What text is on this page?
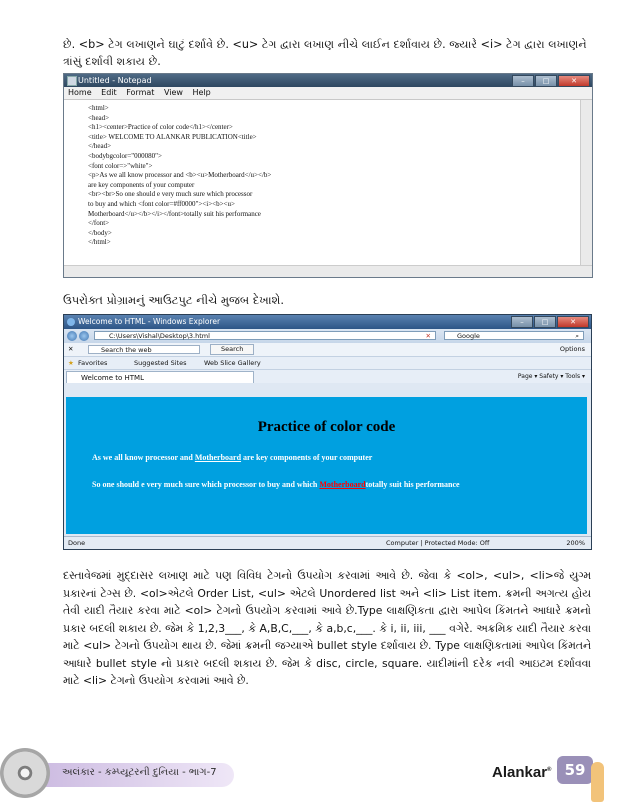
છે. <b> ટેગ લખાણને ઘાટું દર્શાવે છે. <u> ટેગ દ્વારા લખાણ નીચે લાઈન દર્શાવાય છે. જ્યારે <i> ટેગ દ્વારા લખાણને ત્રાંસું દર્શાવી શકાય છે.

Untitled - Notepad	–	□	✕
Home Edit Format View Help
<html>
<head>
<h1><center>Practice of color code</h1></center>
<title> WELCOME TO ALANKAR PUBLICATION<title>
</head>
<bodybgcolor="000080">
<font color=>"white">
<p>As we all know processor and <b><u>Motherboard</u></b>
are key components of your computer
<br><br>So one should e very much sure which processor
to buy and which <font color=#ff0000"><i><b><u>
Motherboard</u></b></i></font>totally suit his performance
</font>
</body>
</html>

ઉપરોક્ત પ્રોગ્રામનું આઉટપુટ નીચે મુજબ દેખાશે.

Welcome to HTML - Windows Explorer	–	□	✕
C:\Users\Vishal\Desktop\3.html	✕	Google	⌕
✕	Search the web	Search	Options
★ Favorites	Suggested Sites	Web Slice Gallery
Welcome to HTML	Page ▾ Safety ▾ Tools ▾
Practice of color code
As we all know processor and Motherboard are key components of your computer
So one should e very much sure which processor to buy and which Motherboardtotally suit his performance
Done	Computer | Protected Mode: Off	200%

દસ્તાવેજમાં મુદ્દાસર લખાણ માટે પણ વિવિધ ટેગનો ઉપયોગ કરવામાં આવે છે. જેવા કે <ol>, <ul>, <li>જે યુગ્મ પ્રકારનાં ટેગ્સ છે. <ol>એટલે Order List, <ul> એટલે Unordered list અને <li> List item. ક્રમની અગત્ય હોય તેવી યાદી તૈયાર કરવા માટે <ol> ટેગનો ઉપયોગ કરવામાં આવે છે.Type લાક્ષણિકતા દ્વારા આપેલ કિંમતને આધારે ક્રમનો પ્રકાર બદલી શકાય છે. જેમ કે 1,2,3___, કે A,B,C,___, કે a,b,c,___. કે i, ii, iii, ___ વગેરે. અક્રમિક યાદી તૈયાર કરવા માટે <ul> ટેગનો ઉપયોગ થાય છે. જેમાં ક્રમની જગ્યાએ bullet style દર્શાવાય છે. Type લાક્ષણિકતામાં આપેલ કિંમતને આધારે bullet style નો પ્રકાર બદલી શકાય છે. જેમ કે disc, circle, square. યાદીમાંની દરેક નવી આઇટમ દર્શાવવા માટે <li> ટેગનો ઉપયોગ કરવામાં આવે છે.

અલંકાર - કમ્પ્યૂટરની દુનિયા - ભાગ-7	Alankar® 59
